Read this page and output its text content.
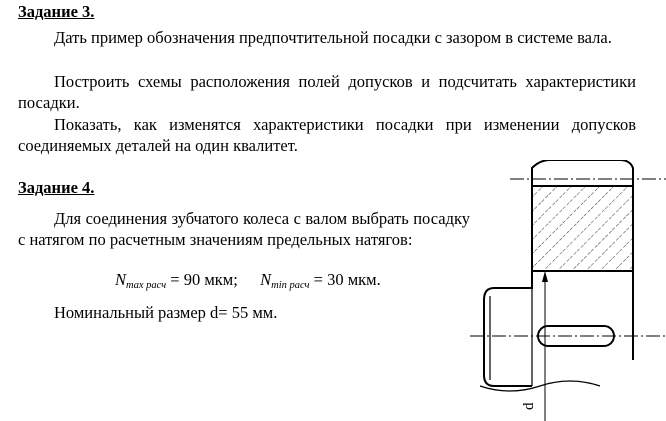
Задание 3.
Дать пример обозначения предпочтительной посадки с зазором в системе вала.
Построить схемы расположения полей допусков и подсчитать характеристики посадки.
Показать, как изменятся характеристики посадки при изменении допусков соединяемых деталей на один квалитет.
Задание 4.
Для соединения зубчатого колеса с валом выбрать посадку с натягом по расчетным значениям предельных натягов:
$N_{max расч} = 90$ мкм; $N_{min расч} = 30$ мкм.
Номинальный размер d= 55 мм.
d
